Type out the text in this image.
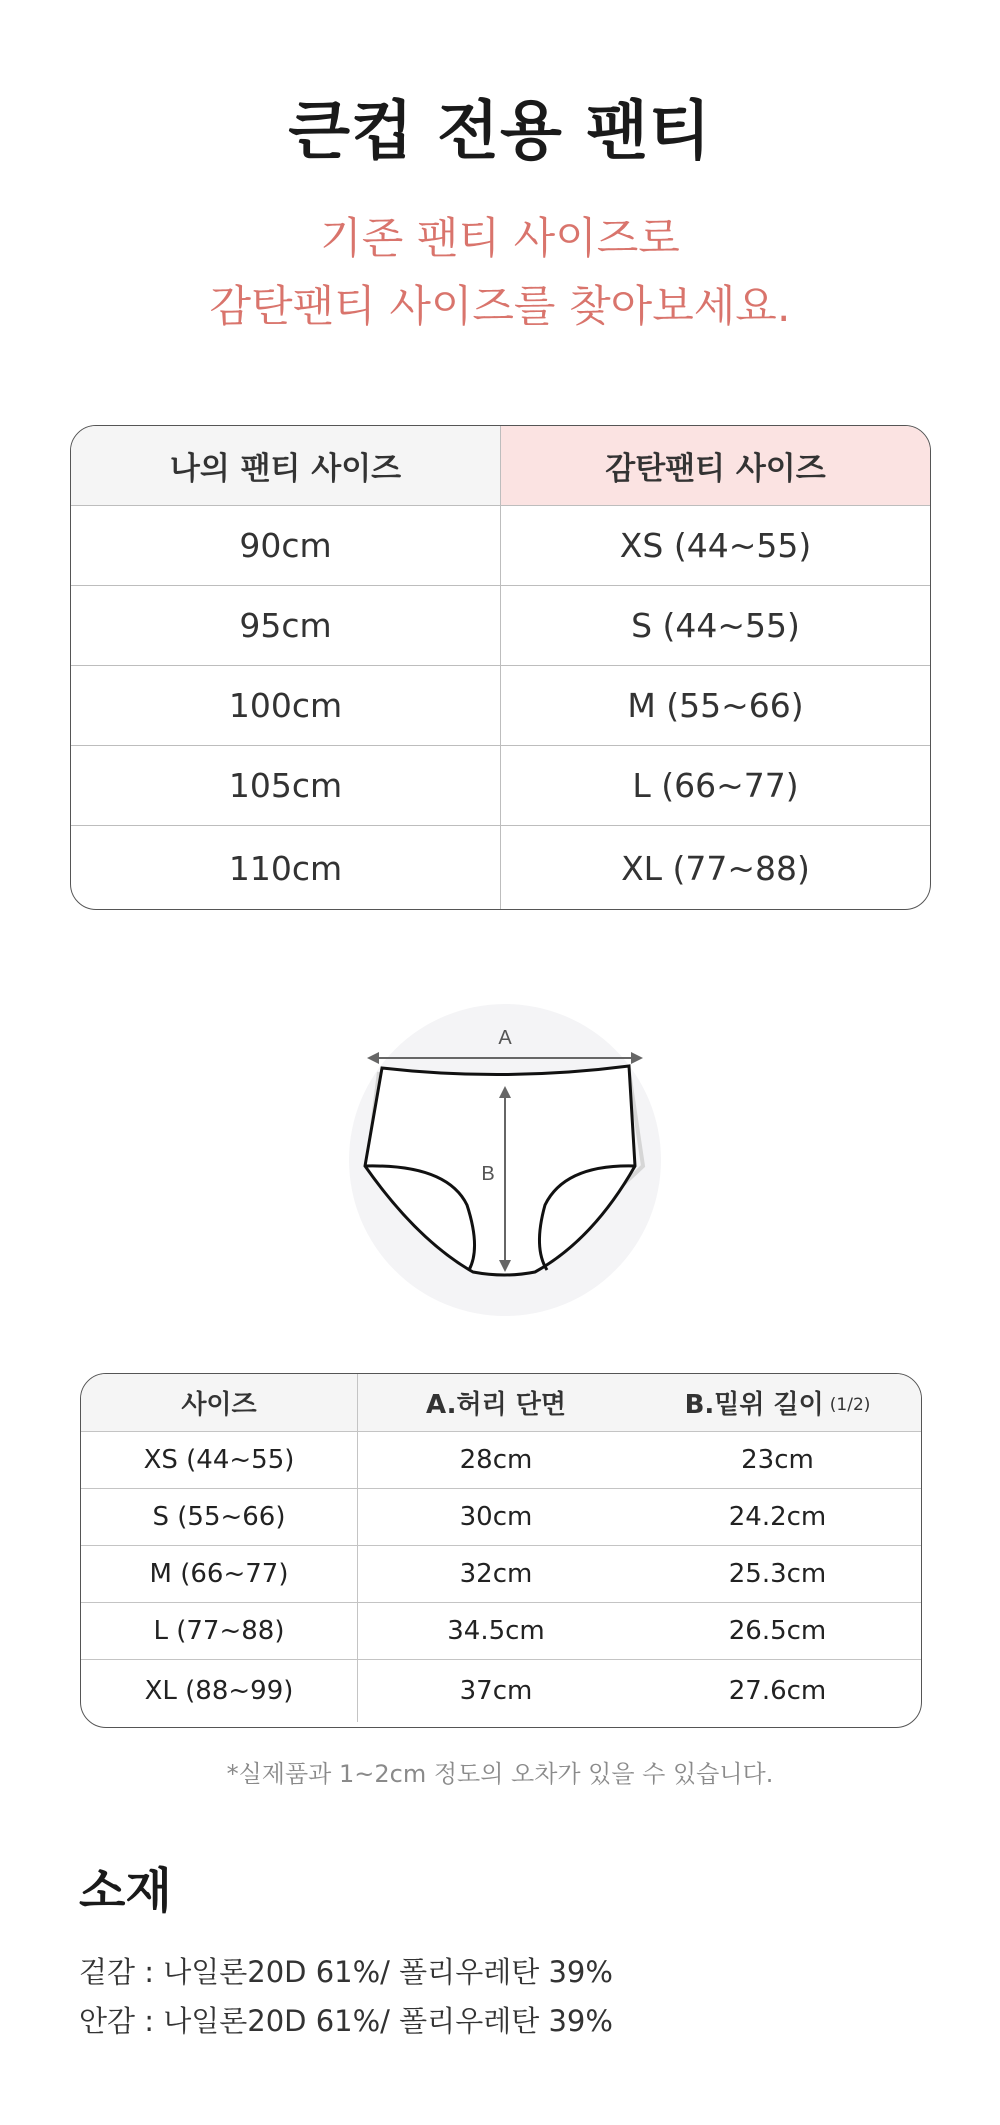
큰컵 전용 팬티
기존 팬티 사이즈로
감탄팬티 사이즈를 찾아보세요.
나의 팬티 사이즈	감탄팬티 사이즈
90cm	XS (44~55)
95cm	S (44~55)
100cm	M (55~66)
105cm	L (66~77)
110cm	XL (77~88)
A
B
사이즈	A.허리 단면	B.밑위 길이 (1/2)
XS (44~55)	28cm	23cm
S (55~66)	30cm	24.2cm
M (66~77)	32cm	25.3cm
L (77~88)	34.5cm	26.5cm
XL (88~99)	37cm	27.6cm
*실제품과 1~2cm 정도의 오차가 있을 수 있습니다.
소재
겉감 : 나일론20D 61%/ 폴리우레탄 39%
안감 : 나일론20D 61%/ 폴리우레탄 39%
